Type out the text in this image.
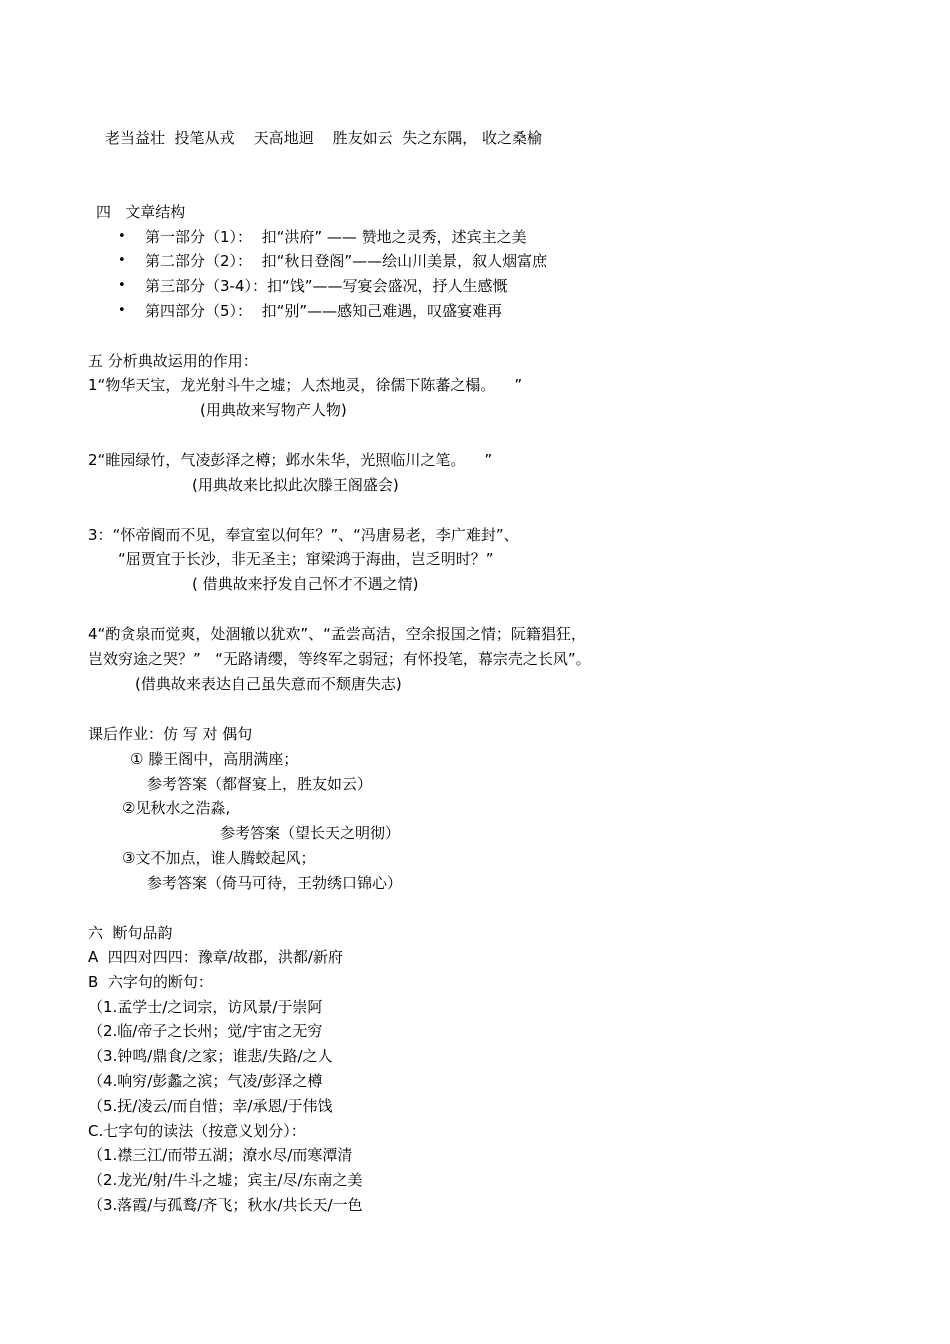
老当益壮  投笔从戎    天高地迥    胜友如云  失之东隅， 收之桑榆
四   文章结构
• 第一部分（1）：  扣“洪府” —— 赞地之灵秀，述宾主之美
• 第二部分（2）：  扣“秋日登阁”——绘山川美景，叙人烟富庶
• 第三部分（3-4）：扣“饯”——写宴会盛况，抒人生感慨
• 第四部分（5）：  扣“别”——感知己难遇，叹盛宴难再
五 分析典故运用的作用：
1“物华天宝，龙光射斗牛之墟；人杰地灵，徐儒下陈蕃之榻。    ”
(用典故来写物产人物)
2“睢园绿竹，气凌彭泽之樽；邺水朱华，光照临川之笔。    ”
(用典故来比拟此次滕王阁盛会)
3：“怀帝阍而不见，奉宣室以何年？”、“冯唐易老，李广难封”、
“屈贾宜于长沙，非无圣主；窜梁鸿于海曲，岂乏明时？”
( 借典故来抒发自己怀才不遇之情)
4“酌贪泉而觉爽，处涸辙以犹欢”、“孟尝高洁，空余报国之情；阮籍猖狂，
岂效穷途之哭？”   “无路请缨，等终军之弱冠；有怀投笔，幕宗壳之长风”。
(借典故来表达自己虽失意而不颓唐失志)
课后作业：仿 写 对 偶句
① 滕王阁中，高朋满座；
参考答案（都督宴上，胜友如云）
②见秋水之浩淼,
参考答案（望长天之明彻）
③文不加点，谁人腾蛟起风；
参考答案（倚马可待，王勃绣口锦心）
六  断句品韵
A  四四对四四：豫章/故郡，洪都/新府
B  六字句的断句：
（1.孟学士/之词宗，访风景/于崇阿
（2.临/帝子之长州；觉/宇宙之无穷
（3.钟鸣/鼎食/之家；谁悲/失路/之人
（4.响穷/彭蠡之滨；气凌/彭泽之樽
（5.抚/凌云/而自惜；幸/承恩/于伟饯
C.七字句的读法（按意义划分）：
（1.襟三江/而带五湖；潦水尽/而寒潭清
（2.龙光/射/牛斗之墟；宾主/尽/东南之美
（3.落霞/与孤鹜/齐飞；秋水/共长天/一色
